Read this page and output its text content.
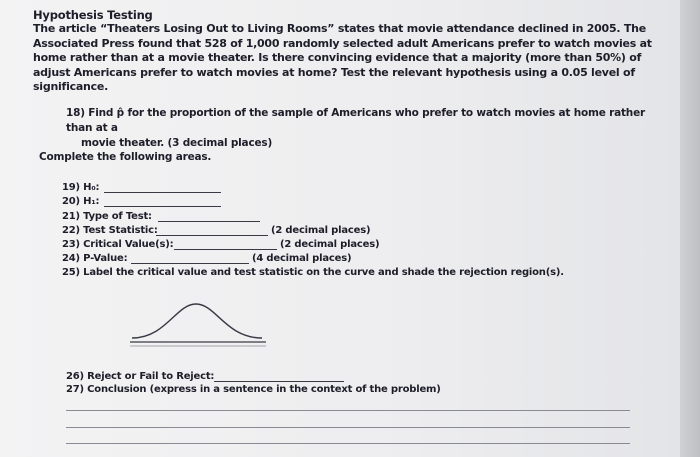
Hypothesis Testing
The article “Theaters Losing Out to Living Rooms” states that movie attendance declined in 2005. The Associated Press found that 528 of 1,000 randomly selected adult Americans prefer to watch movies at home rather than at a movie theater. Is there convincing evidence that a majority (more than 50%) of adjust Americans prefer to watch movies at home? Test the relevant hypothesis using a 0.05 level of significance.
18) Find p̂ for the proportion of the sample of Americans who prefer to watch movies at home rather than at a
movie theater. (3 decimal places)
Complete the following areas.
19) H₀:
20) H₁:
21) Type of Test:
22) Test Statistic:	(2 decimal places)
23) Critical Value(s):	(2 decimal places)
24) P-Value:	(4 decimal places)
25) Label the critical value and test statistic on the curve and shade the rejection region(s).
26) Reject or Fail to Reject:
27) Conclusion (express in a sentence in the context of the problem)
